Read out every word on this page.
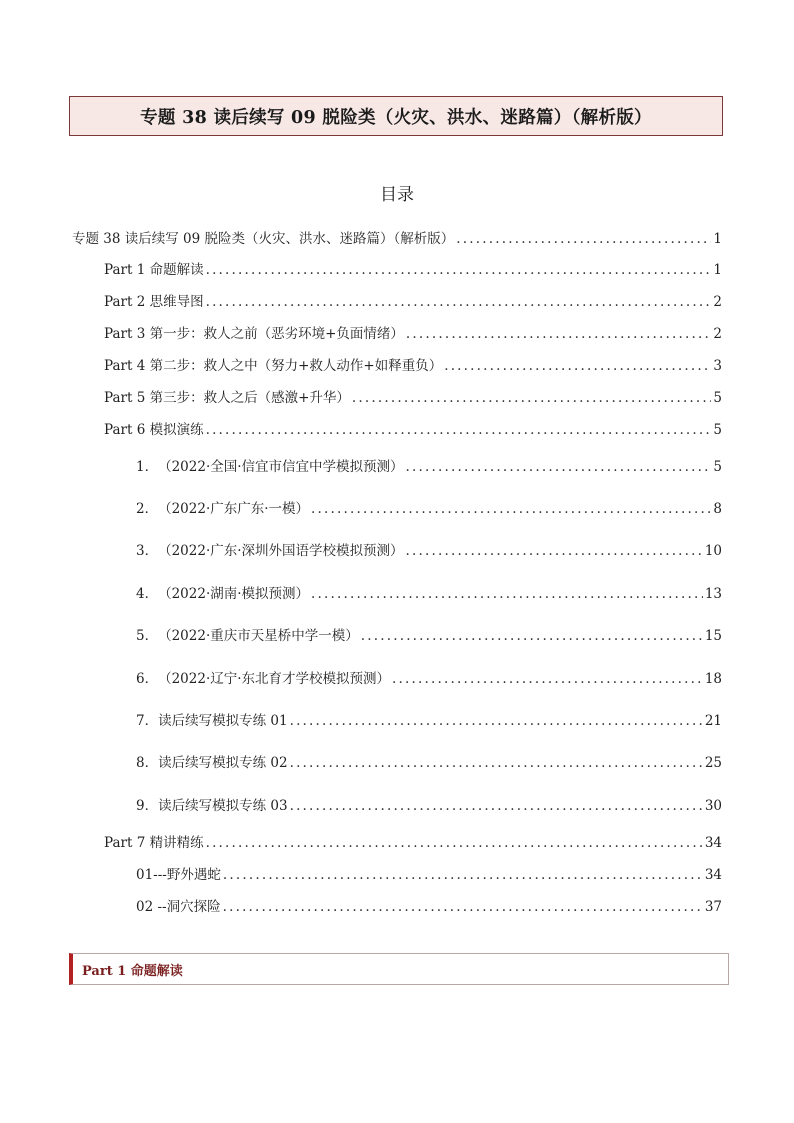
专题 38 读后续写 09 脱险类（火灾、洪水、迷路篇）（解析版）
目录
专题 38 读后续写 09 脱险类（火灾、洪水、迷路篇）（解析版） .....	1
Part 1 命题解读 .....	1
Part 2 思维导图 .....	2
Part 3 第一步：救人之前（恶劣环境+负面情绪） .....	2
Part 4 第二步：救人之中（努力+救人动作+如释重负） .....	3
Part 5 第三步：救人之后（感激+升华） .....	5
Part 6 模拟演练 .....	5
1． （2022·全国·信宜市信宜中学模拟预测） .....	5
2． （2022·广东广东·一模） .....	8
3． （2022·广东·深圳外国语学校模拟预测） .....	10
4． （2022·湖南·模拟预测） .....	13
5． （2022·重庆市天星桥中学一模） .....	15
6． （2022·辽宁·东北育才学校模拟预测） .....	18
7． 读后续写模拟专练 01 .....	21
8． 读后续写模拟专练 02 .....	25
9． 读后续写模拟专练 03 .....	30
Part 7 精讲精练 .....	34
01---野外遇蛇 .....	34
02 --洞穴探险 .....	37
Part 1 命题解读
